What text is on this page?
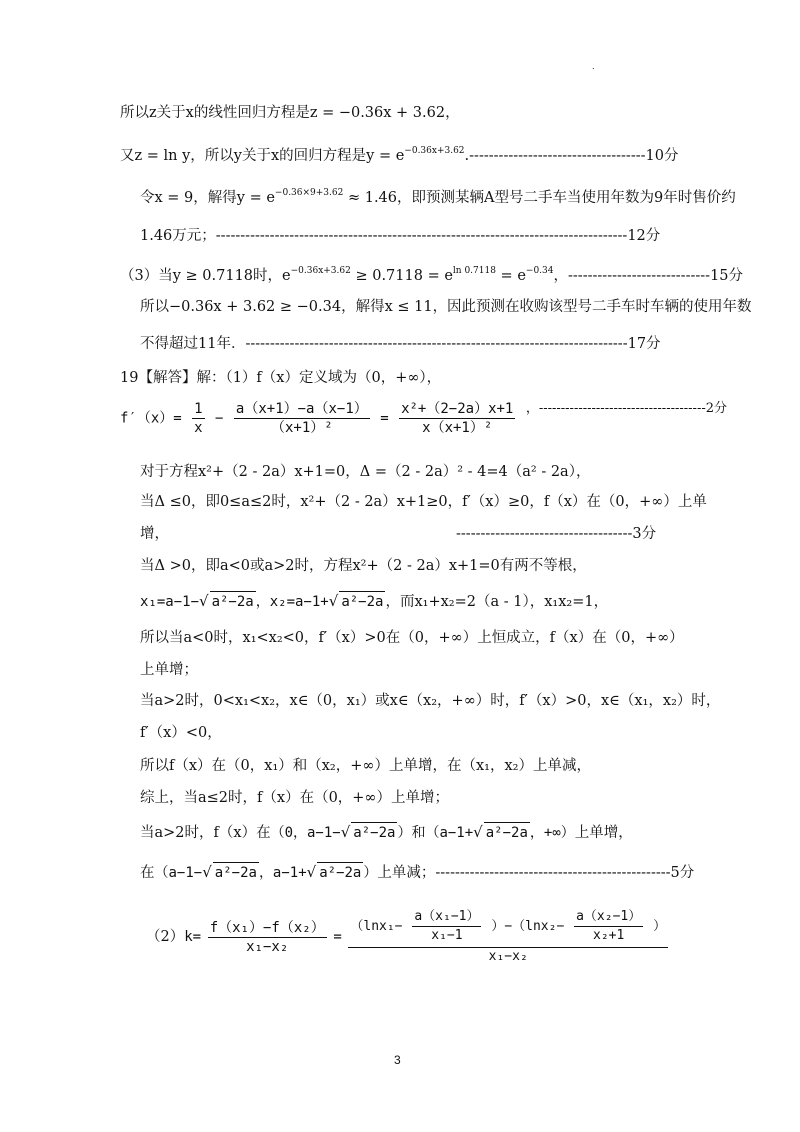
.
所以z关于x的线性回归方程是z = −0.36x + 3.62，
又z = ln y，所以y关于x的回归方程是$y = e^{-0.36x+3.62}.------------------------------------10$分
令x = 9，解得$y = e^{-0.36\times 9+3.62} \approx 1.46$，即预测某辆A型号二手车当使用年数为9年时售价约
1.46万元；------------------------------------------------------------------------------------12分
（3）当y ≥ 0.7118时，$e^{-0.36x+3.62} \ge 0.7118 = e^{ln 0.7118} = e^{-0.34}$，-----------------------------15分
所以−0.36x + 3.62 ≥ −0.34，解得x ≤ 11，因此预测在收购该型号二手车时车辆的使用年数
不得超过11年．------------------------------------------------------------------------------17分
19【解答】解：（1）f（x）定义域为（0，+∞），
$f'(x)= \frac{1}{x} - \frac{a(x+1)-a(x-1)}{\text{（x+1）²}} = \frac{\text{x²+（2−2a）x+1}}{\text{x（x+1）²}}$ ，--------------------------------------2分
对于方程x²+（2 - 2a）x+1=0，Δ =（2 - 2a）² - 4=4（a² - 2a），
当Δ ≤0，即0≤a≤2时，x²+（2 - 2a）x+1≥0，f′（x）≥0，f（x）在（0，+∞）上单
增，	------------------------------------3分
当Δ >0，即a<0或a>2时，方程x²+（2 - 2a）x+1=0有两不等根，
x₁=a−1−√ a²−2a ，x₂=a−1+√ a²−2a ，而x₁+x₂=2（a - 1），x₁x₂=1，
所以当a<0时，x₁<x₂<0，f′（x）>0在（0，+∞）上恒成立，f（x）在（0，+∞）
上单增；
当a>2时，0<x₁<x₂，x∈（0，x₁）或x∈（x₂，+∞）时，f′（x）>0，x∈（x₁，x₂）时，
f′（x）<0，
所以f（x）在（0，x₁）和（x₂，+∞）上单增，在（x₁，x₂）上单减，
综上，当a≤2时，f（x）在（0，+∞）上单增；
当a>2时，f（x）在（0，a−1−√ a²−2a ）和（a−1+√ a²−2a ，+∞）上单增，
在（a−1−√ a²−2a ，a−1+√ a²−2a ）上单减；------------------------------------------------5分
$(2)k= \frac{\text{f（x₁）−f（x₂）}}{\text{x₁−x₂}}$ =
$(\ln x_1- \frac{\text{a（x₁−1）}}{\text{x₁−1}} )-(\ln x_2- \frac{\text{a（x₂−1）}}{\text{x₂+1}}$ ）
x₁−x₂
3
